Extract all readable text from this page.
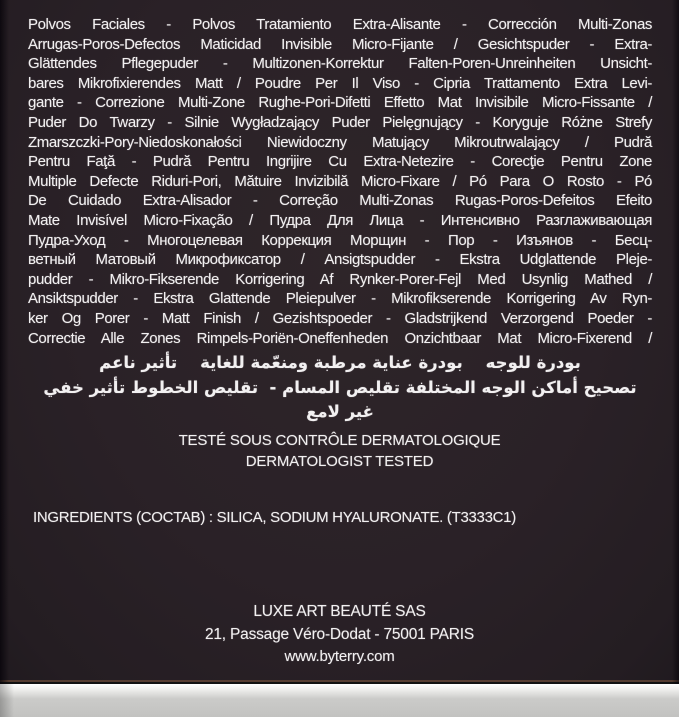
Polvos Faciales - Polvos Tratamiento Extra-Alisante - Corrección Multi-Zonas
Arrugas-Poros-Defectos Maticidad Invisible Micro-Fijante / Gesichtspuder - Extra-
Glättendes Pflegepuder - Multizonen-Korrektur Falten-Poren-Unreinheiten Unsicht-
bares Mikrofixierendes Matt / Poudre Per Il Viso - Cipria Trattamento Extra Levi-
gante - Correzione Multi-Zone Rughe-Pori-Difetti Effetto Mat Invisibile Micro-Fissante /
Puder Do Twarzy - Silnie Wygładzający Puder Pielęgnujący - Koryguje Różne Strefy
Zmarszczki-Pory-Niedoskonałości Niewidoczny Matujący Mikroutrwalający / Pudră
Pentru Faţă - Pudră Pentru Ingrijire Cu Extra-Netezire - Corecţie Pentru Zone
Multiple Defecte Riduri-Pori, Mătuire Invizibilă Micro-Fixare / Pó Para O Rosto - Pó
De Cuidado Extra-Alisador - Correção Multi-Zonas Rugas-Poros-Defeitos Efeito
Mate Invisível Micro-Fixação / Пудра Для Лица - Интенсивно Разглаживающая
Пудра-Уход - Многоцелевая Коррекция Морщин - Пор - Изъянов - Бесц-
ветный Матовый Микрофиксатор / Ansigtspudder - Ekstra Udglattende Pleje-
pudder - Mikro-Fikserende Korrigering Af Rynker-Porer-Fejl Med Usynlig Mathed /
Ansiktspudder - Ekstra Glattende Pleiepulver - Mikrofikserende Korrigering Av Ryn-
ker Og Porer - Matt Finish / Gezishtspoeder - Gladstrijkend Verzorgend Poeder -
Correctie Alle Zones Rimpels-Poriën-Oneffenheden Onzichtbaar Mat Micro-Fixerend /
بودرة للوجه    بودرة عناية مرطبة ومنعّمة للغاية    تأثير ناعم
تصحيح أماكن الوجه المختلفة تقليص المسام -  تقليص الخطوط تأثير خفي غير لامع
TESTÉ SOUS CONTRÔLE DERMATOLOGIQUE
DERMATOLOGIST TESTED
INGREDIENTS (COCTAB) : SILICA, SODIUM HYALURONATE. (T3333C1)
LUXE ART BEAUTÉ SAS
21, Passage Véro-Dodat - 75001 PARIS
www.byterry.com
